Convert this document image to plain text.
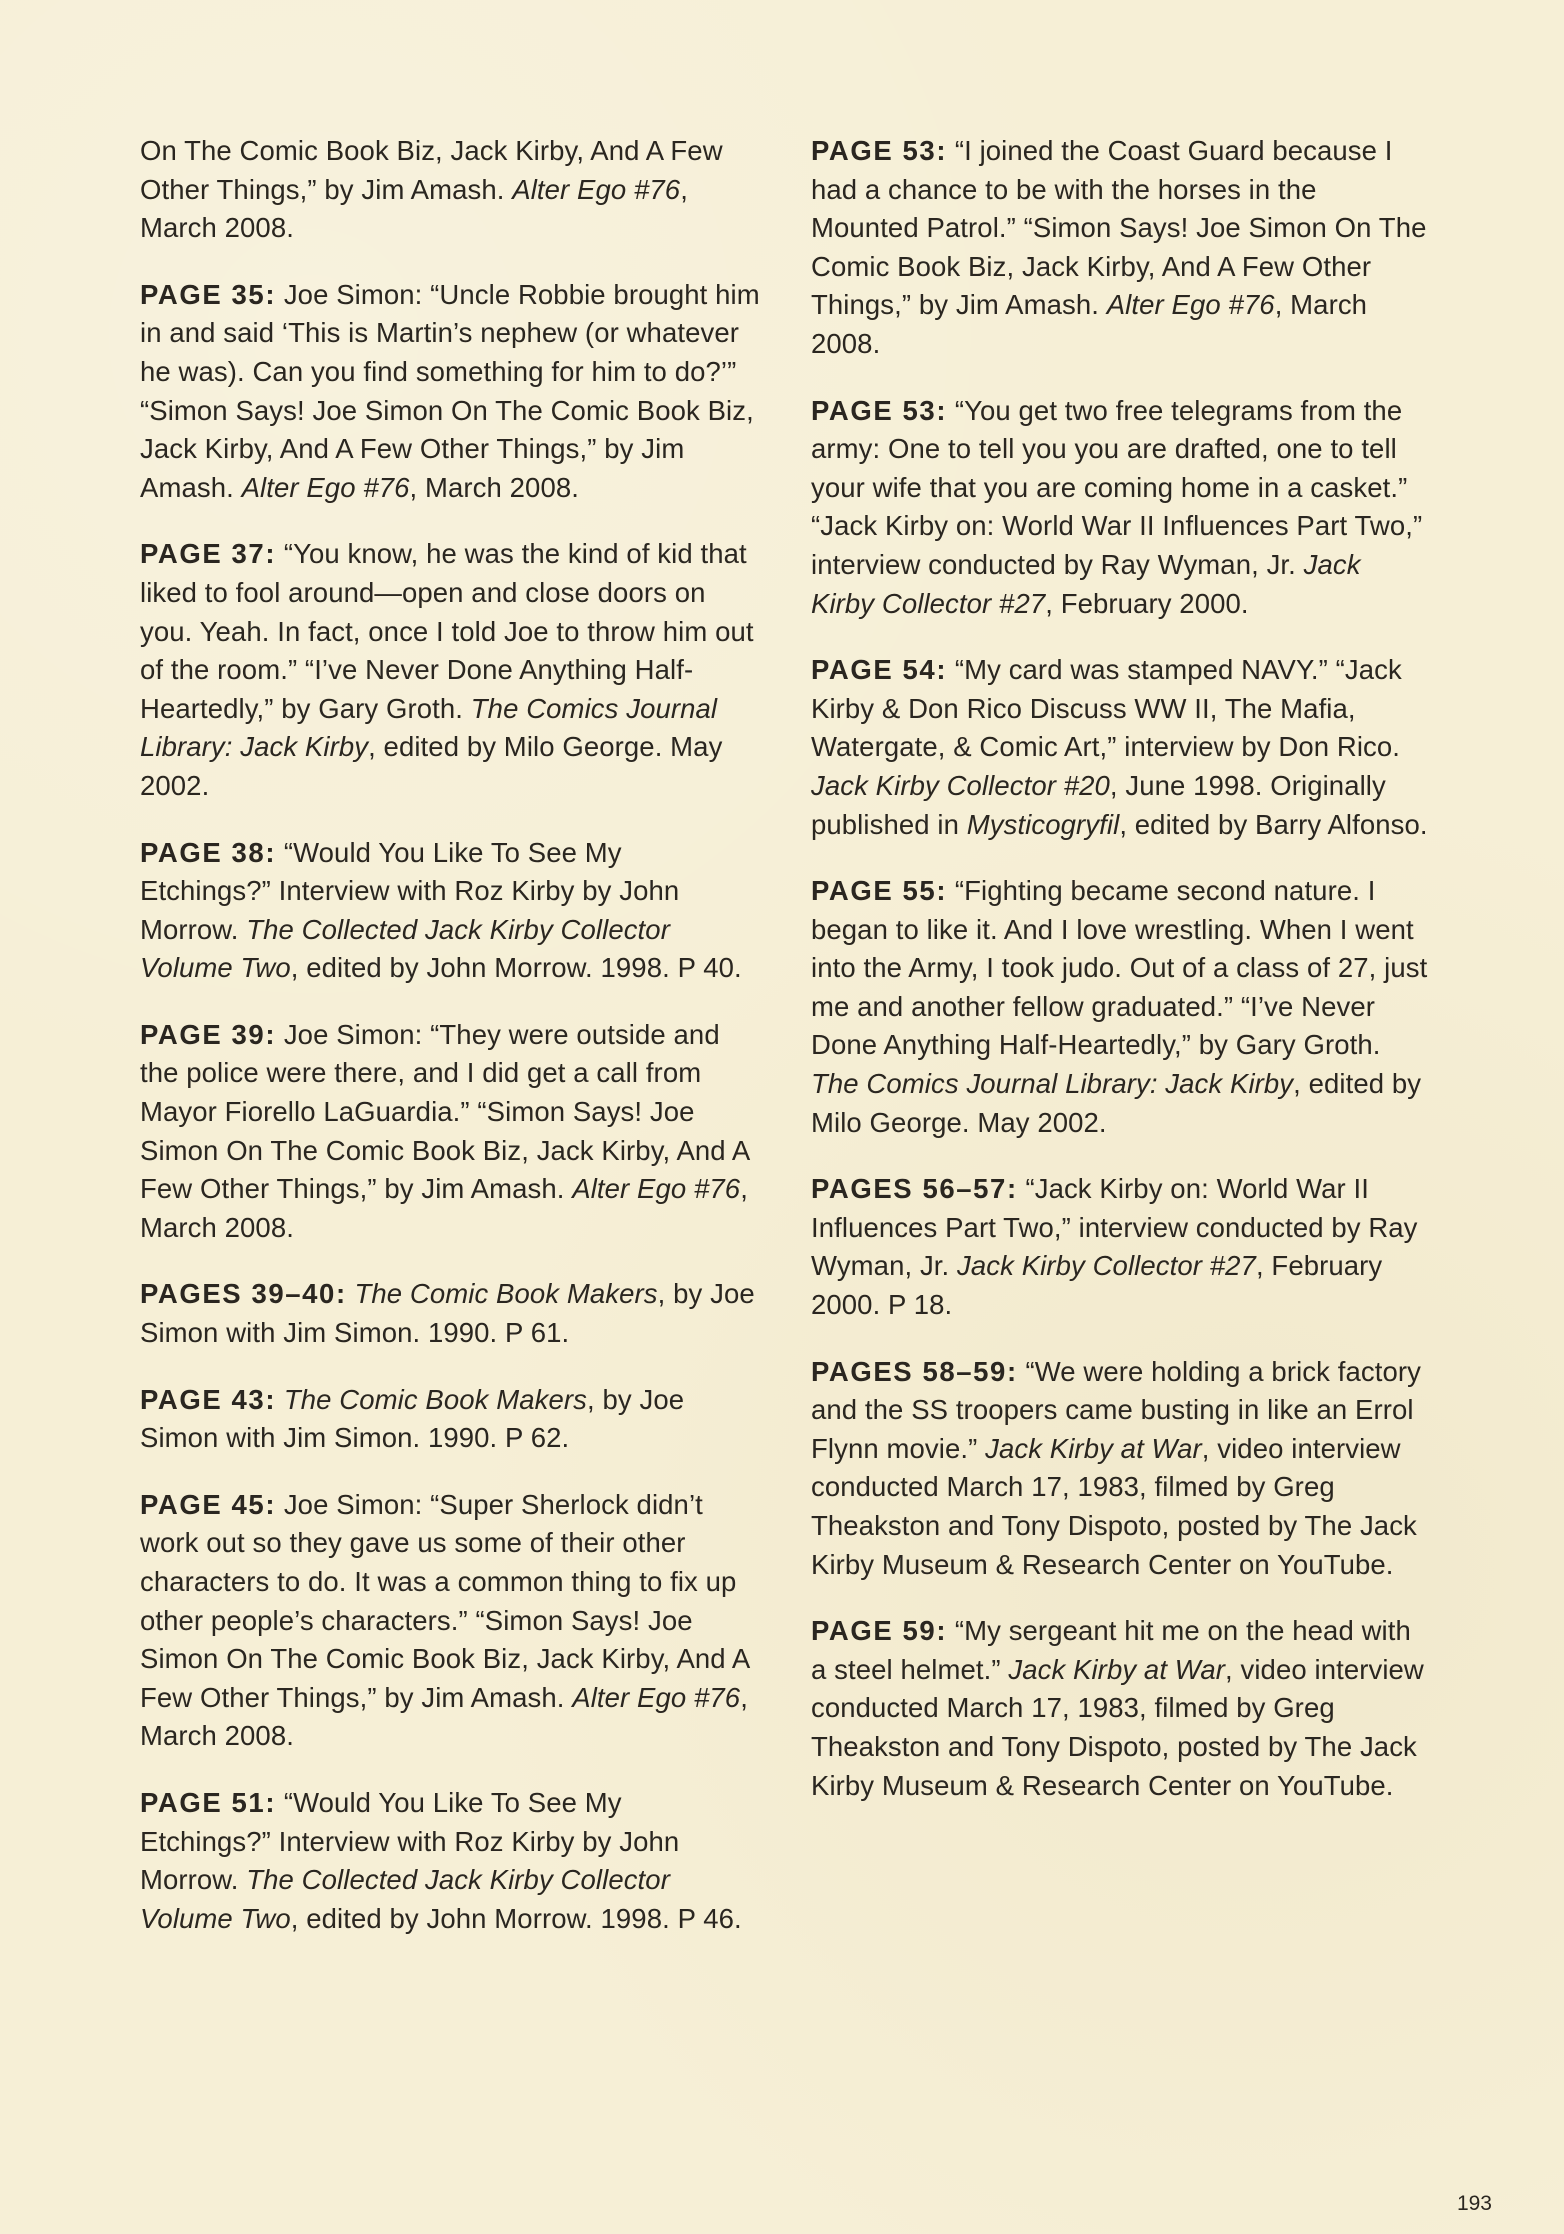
On The Comic Book Biz, Jack Kirby, And A Few Other Things,” by Jim Amash. Alter Ego #76, March 2008.

PAGE 35: Joe Simon: “Uncle Robbie brought him in and said ‘This is Martin’s nephew (or whatever he was). Can you find something for him to do?’” “Simon Says! Joe Simon On The Comic Book Biz, Jack Kirby, And A Few Other Things,” by Jim Amash. Alter Ego #76, March 2008.

PAGE 37: “You know, he was the kind of kid that liked to fool around—open and close doors on you. Yeah. In fact, once I told Joe to throw him out of the room.” “I’ve Never Done Anything Half-Heartedly,” by Gary Groth. The Comics Journal Library: Jack Kirby, edited by Milo George. May 2002.

PAGE 38: “Would You Like To See My Etchings?” Interview with Roz Kirby by John Morrow. The Collected Jack Kirby Collector Volume Two, edited by John Morrow. 1998. P 40.

PAGE 39: Joe Simon: “They were outside and the police were there, and I did get a call from Mayor Fiorello LaGuardia.” “Simon Says! Joe Simon On The Comic Book Biz, Jack Kirby, And A Few Other Things,” by Jim Amash. Alter Ego #76, March 2008.

PAGES 39–40: The Comic Book Makers, by Joe Simon with Jim Simon. 1990. P 61.

PAGE 43: The Comic Book Makers, by Joe Simon with Jim Simon. 1990. P 62.

PAGE 45: Joe Simon: “Super Sherlock didn’t work out so they gave us some of their other characters to do. It was a common thing to fix up other people’s characters.” “Simon Says! Joe Simon On The Comic Book Biz, Jack Kirby, And A Few Other Things,” by Jim Amash. Alter Ego #76, March 2008.

PAGE 51: “Would You Like To See My Etchings?” Interview with Roz Kirby by John Morrow. The Collected Jack Kirby Collector Volume Two, edited by John Morrow. 1998. P 46.

PAGE 53: “I joined the Coast Guard because I had a chance to be with the horses in the Mounted Patrol.” “Simon Says! Joe Simon On The Comic Book Biz, Jack Kirby, And A Few Other Things,” by Jim Amash. Alter Ego #76, March 2008.

PAGE 53: “You get two free telegrams from the army: One to tell you you are drafted, one to tell your wife that you are coming home in a casket.” “Jack Kirby on: World War II Influences Part Two,” interview conducted by Ray Wyman, Jr. Jack Kirby Collector #27, February 2000.

PAGE 54: “My card was stamped NAVY.” “Jack Kirby & Don Rico Discuss WW II, The Mafia, Watergate, & Comic Art,” interview by Don Rico. Jack Kirby Collector #20, June 1998. Originally published in Mysticogryfil, edited by Barry Alfonso.

PAGE 55: “Fighting became second nature. I began to like it. And I love wrestling. When I went into the Army, I took judo. Out of a class of 27, just me and another fellow graduated.” “I’ve Never Done Anything Half-Heartedly,” by Gary Groth. The Comics Journal Library: Jack Kirby, edited by Milo George. May 2002.

PAGES 56–57: “Jack Kirby on: World War II Influences Part Two,” interview conducted by Ray Wyman, Jr. Jack Kirby Collector #27, February 2000. P 18.

PAGES 58–59: “We were holding a brick factory and the SS troopers came busting in like an Errol Flynn movie.” Jack Kirby at War, video interview conducted March 17, 1983, filmed by Greg Theakston and Tony Dispoto, posted by The Jack Kirby Museum & Research Center on YouTube.

PAGE 59: “My sergeant hit me on the head with a steel helmet.” Jack Kirby at War, video interview conducted March 17, 1983, filmed by Greg Theakston and Tony Dispoto, posted by The Jack Kirby Museum & Research Center on YouTube.

193
